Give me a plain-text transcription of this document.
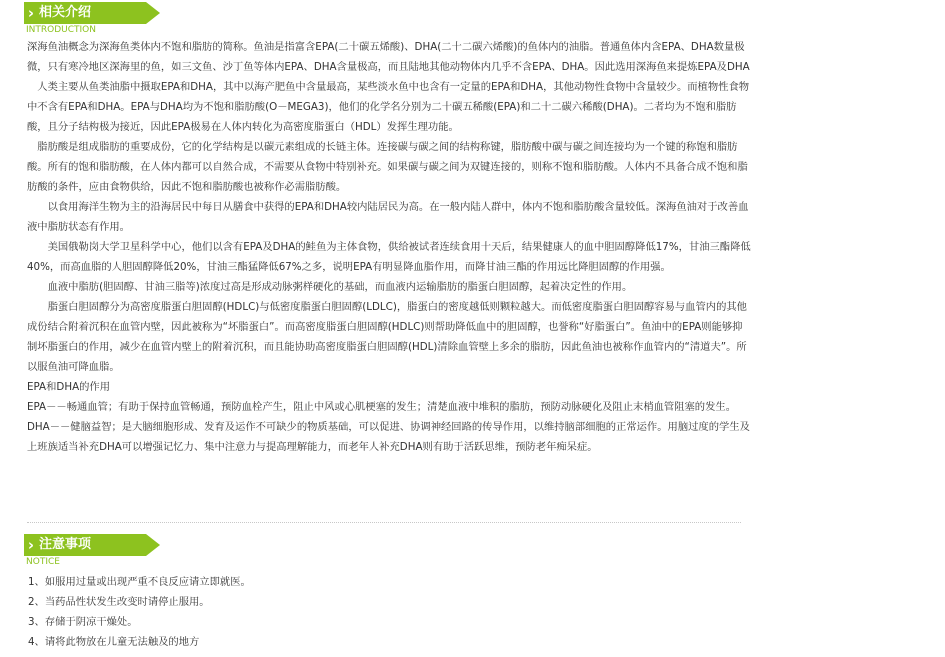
› 相关介绍
INTRODUCTION

深海鱼油概念为深海鱼类体内不饱和脂肪的简称。鱼油是指富含EPA(二十碳五烯酸)、DHA(二十二碳六烯酸)的鱼体内的油脂。普通鱼体内含EPA、DHA数量极微，只有寒冷地区深海里的鱼，如三文鱼、沙丁鱼等体内EPA、DHA含量极高，而且陆地其他动物体内几乎不含EPA、DHA。因此选用深海鱼来提炼EPA及DHA

　人类主要从鱼类油脂中摄取EPA和DHA，其中以海产肥鱼中含量最高，某些淡水鱼中也含有一定量的EPA和DHA，其他动物性食物中含量较少。而植物性食物中不含有EPA和DHA。EPA与DHA均为不饱和脂肪酸(O－MEGA3)，他们的化学名分别为二十碳五稀酸(EPA)和二十二碳六稀酸(DHA)。二者均为不饱和脂肪酸，且分子结构极为接近，因此EPA极易在人体内转化为高密度脂蛋白（HDL）发挥生理功能。

　脂肪酸是组成脂肪的重要成份，它的化学结构是以碳元素组成的长链主体。连接碳与碳之间的结构称键，脂肪酸中碳与碳之间连接均为一个键的称饱和脂肪酸。所有的饱和脂肪酸，在人体内都可以自然合成，不需要从食物中特别补充。如果碳与碳之间为双键连接的，则称不饱和脂肪酸。人体内不具备合成不饱和脂肪酸的条件，应由食物供给，因此不饱和脂肪酸也被称作必需脂肪酸。

　　以食用海洋生物为主的沿海居民中每日从膳食中获得的EPA和DHA较内陆居民为高。在一般内陆人群中，体内不饱和脂肪酸含量较低。深海鱼油对于改善血液中脂肪状态有作用。

　　美国俄勒岗大学卫星科学中心，他们以含有EPA及DHA的鲑鱼为主体食物，供给被试者连续食用十天后，结果健康人的血中胆固醇降低17%，甘油三酯降低40%，而高血脂的人胆固醇降低20%，甘油三酯猛降低67%之多，说明EPA有明显降血脂作用，而降甘油三酯的作用远比降胆固醇的作用强。

　　血液中脂肪(胆固醇、甘油三脂等)浓度过高是形成动脉粥样硬化的基础，而血液内运输脂肪的脂蛋白胆固醇，起着决定性的作用。

　　脂蛋白胆固醇分为高密度脂蛋白胆固醇(HDLC)与低密度脂蛋白胆固醇(LDLC)，脂蛋白的密度越低则颗粒越大。而低密度脂蛋白胆固醇容易与血管内的其他成份结合附着沉积在血管内壁，因此被称为“坏脂蛋白”。而高密度脂蛋白胆固醇(HDLC)则帮助降低血中的胆固醇，也誉称“好脂蛋白”。鱼油中的EPA则能够抑制坏脂蛋白的作用，减少在血管内壁上的附着沉积，而且能协助高密度脂蛋白胆固醇(HDL)清除血管壁上多余的脂肪，因此鱼油也被称作血管内的“清道夫”。所以服鱼油可降血脂。

EPA和DHA的作用

EPA－－畅通血管；有助于保持血管畅通，预防血栓产生，阻止中风或心肌梗塞的发生；清楚血液中堆积的脂肪，预防动脉硬化及阻止末梢血管阻塞的发生。

DHA－－健脑益智；是大脑细胞形成、发育及运作不可缺少的物质基础，可以促进、协调神经回路的传导作用，以维持脑部细胞的正常运作。用脑过度的学生及上班族适当补充DHA可以增强记忆力、集中注意力与提高理解能力，而老年人补充DHA则有助于活跃思维，预防老年痴呆症。

› 注意事项
NOTICE
1、如服用过量或出现严重不良反应请立即就医。
2、当药品性状发生改变时请停止服用。
3、存储于阴凉干燥处。
4、请将此物放在儿童无法触及的地方
